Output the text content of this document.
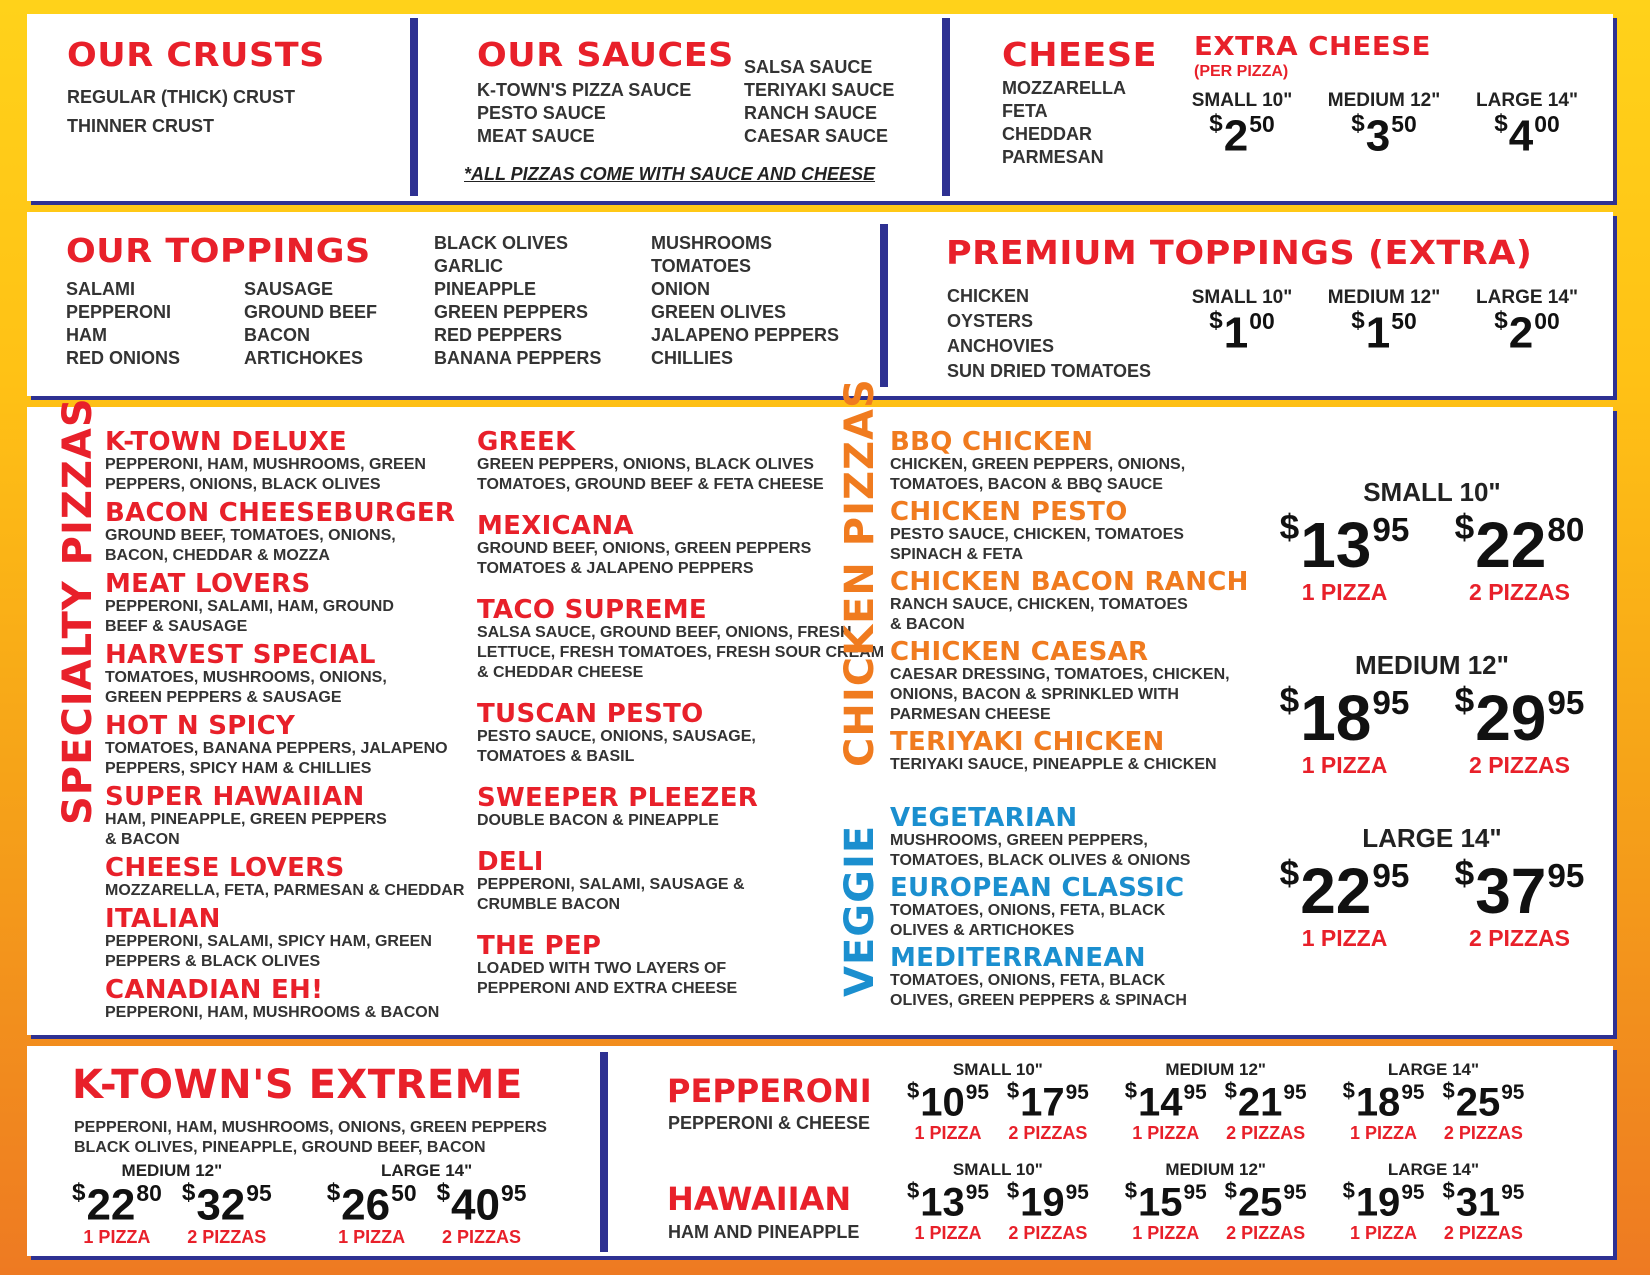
OUR CRUSTS
REGULAR (THICK) CRUST
THINNER CRUST
OUR SAUCES
K-TOWN'S PIZZA SAUCE
PESTO SAUCE
MEAT SAUCE
SALSA SAUCE
TERIYAKI SAUCE
RANCH SAUCE
CAESAR SAUCE
*ALL PIZZAS COME WITH SAUCE AND CHEESE
CHEESE
MOZZARELLA
FETA
CHEDDAR
PARMESAN
EXTRA CHEESE
(PER PIZZA)
SMALL 10"
$^{\$}2^{50}$
MEDIUM 12"
$^{\$}3^{50}$
LARGE 14"
$^{\$}4^{00}$
OUR TOPPINGS
SALAMI
PEPPERONI
HAM
RED ONIONS
SAUSAGE
GROUND BEEF
BACON
ARTICHOKES
BLACK OLIVES
GARLIC
PINEAPPLE
GREEN PEPPERS
RED PEPPERS
BANANA PEPPERS
MUSHROOMS
TOMATOES
ONION
GREEN OLIVES
JALAPENO PEPPERS
CHILLIES
PREMIUM TOPPINGS (EXTRA)
CHICKEN
OYSTERS
ANCHOVIES
SUN DRIED TOMATOES
SMALL 10"
$^{\$}1^{00}$
MEDIUM 12"
$^{\$}1^{50}$
LARGE 14"
$^{\$}2^{00}$
SPECIALTY PIZZAS K-TOWN DELUXE
PEPPERONI, HAM, MUSHROOMS, GREEN
PEPPERS, ONIONS, BLACK OLIVES
BACON CHEESEBURGER
GROUND BEEF, TOMATOES, ONIONS,
BACON, CHEDDAR & MOZZA
MEAT LOVERS
PEPPERONI, SALAMI, HAM, GROUND
BEEF & SAUSAGE
HARVEST SPECIAL
TOMATOES, MUSHROOMS, ONIONS,
GREEN PEPPERS & SAUSAGE
HOT N SPICY
TOMATOES, BANANA PEPPERS, JALAPENO
PEPPERS, SPICY HAM & CHILLIES
SUPER HAWAIIAN
HAM, PINEAPPLE, GREEN PEPPERS
& BACON
CHEESE LOVERS
MOZZARELLA, FETA, PARMESAN & CHEDDAR
ITALIAN
PEPPERONI, SALAMI, SPICY HAM, GREEN
PEPPERS & BLACK OLIVES
CANADIAN EH!
PEPPERONI, HAM, MUSHROOMS & BACON
GREEK
GREEN PEPPERS, ONIONS, BLACK OLIVES
TOMATOES, GROUND BEEF & FETA CHEESE
MEXICANA
GROUND BEEF, ONIONS, GREEN PEPPERS
TOMATOES & JALAPENO PEPPERS
TACO SUPREME
SALSA SAUCE, GROUND BEEF, ONIONS, FRESH
LETTUCE, FRESH TOMATOES, FRESH SOUR CREAM
& CHEDDAR CHEESE
TUSCAN PESTO
PESTO SAUCE, ONIONS, SAUSAGE,
TOMATOES & BASIL
SWEEPER PLEEZER
DOUBLE BACON & PINEAPPLE
DELI
PEPPERONI, SALAMI, SAUSAGE &
CRUMBLE BACON
THE PEP
LOADED WITH TWO LAYERS OF
PEPPERONI AND EXTRA CHEESE
CHICKEN PIZZAS BBQ CHICKEN
CHICKEN, GREEN PEPPERS, ONIONS,
TOMATOES, BACON & BBQ SAUCE
CHICKEN PESTO
PESTO SAUCE, CHICKEN, TOMATOES
SPINACH & FETA
CHICKEN BACON RANCH
RANCH SAUCE, CHICKEN, TOMATOES
& BACON
CHICKEN CAESAR
CAESAR DRESSING, TOMATOES, CHICKEN,
ONIONS, BACON & SPRINKLED WITH
PARMESAN CHEESE
TERIYAKI CHICKEN
TERIYAKI SAUCE, PINEAPPLE & CHICKEN
VEGGIE
VEGETARIAN
MUSHROOMS, GREEN PEPPERS,
TOMATOES, BLACK OLIVES & ONIONS
EUROPEAN CLASSIC
TOMATOES, ONIONS, FETA, BLACK
OLIVES & ARTICHOKES
MEDITERRANEAN
TOMATOES, ONIONS, FETA, BLACK
OLIVES, GREEN PEPPERS & SPINACH
SMALL 10"
$^{\$}13^{95}$
1 PIZZA
$^{\$}22^{80}$
2 PIZZAS
MEDIUM 12"
$^{\$}18^{95}$
1 PIZZA
$^{\$}29^{95}$
2 PIZZAS
LARGE 14"
$^{\$}22^{95}$
1 PIZZA
$^{\$}37^{95}$
2 PIZZAS
K-TOWN'S EXTREME
PEPPERONI, HAM, MUSHROOMS, ONIONS, GREEN PEPPERS
BLACK OLIVES, PINEAPPLE, GROUND BEEF, BACON
MEDIUM 12"
$^{\$}22^{80}$
1 PIZZA
$^{\$}32^{95}$
2 PIZZAS
LARGE 14"
$^{\$}26^{50}$
1 PIZZA
$^{\$}40^{95}$
2 PIZZAS
PEPPERONI
PEPPERONI & CHEESE
SMALL 10"
$^{\$}10^{95}$
1 PIZZA
$^{\$}17^{95}$
2 PIZZAS
MEDIUM 12"
$^{\$}14^{95}$
1 PIZZA
$^{\$}21^{95}$
2 PIZZAS
LARGE 14"
$^{\$}18^{95}$
1 PIZZA
$^{\$}25^{95}$
2 PIZZAS
HAWAIIAN
HAM AND PINEAPPLE
SMALL 10"
$^{\$}13^{95}$
1 PIZZA
$^{\$}19^{95}$
2 PIZZAS
MEDIUM 12"
$^{\$}15^{95}$
1 PIZZA
$^{\$}25^{95}$
2 PIZZAS
LARGE 14"
$^{\$}19^{95}$
1 PIZZA
$^{\$}31^{95}$
2 PIZZAS
